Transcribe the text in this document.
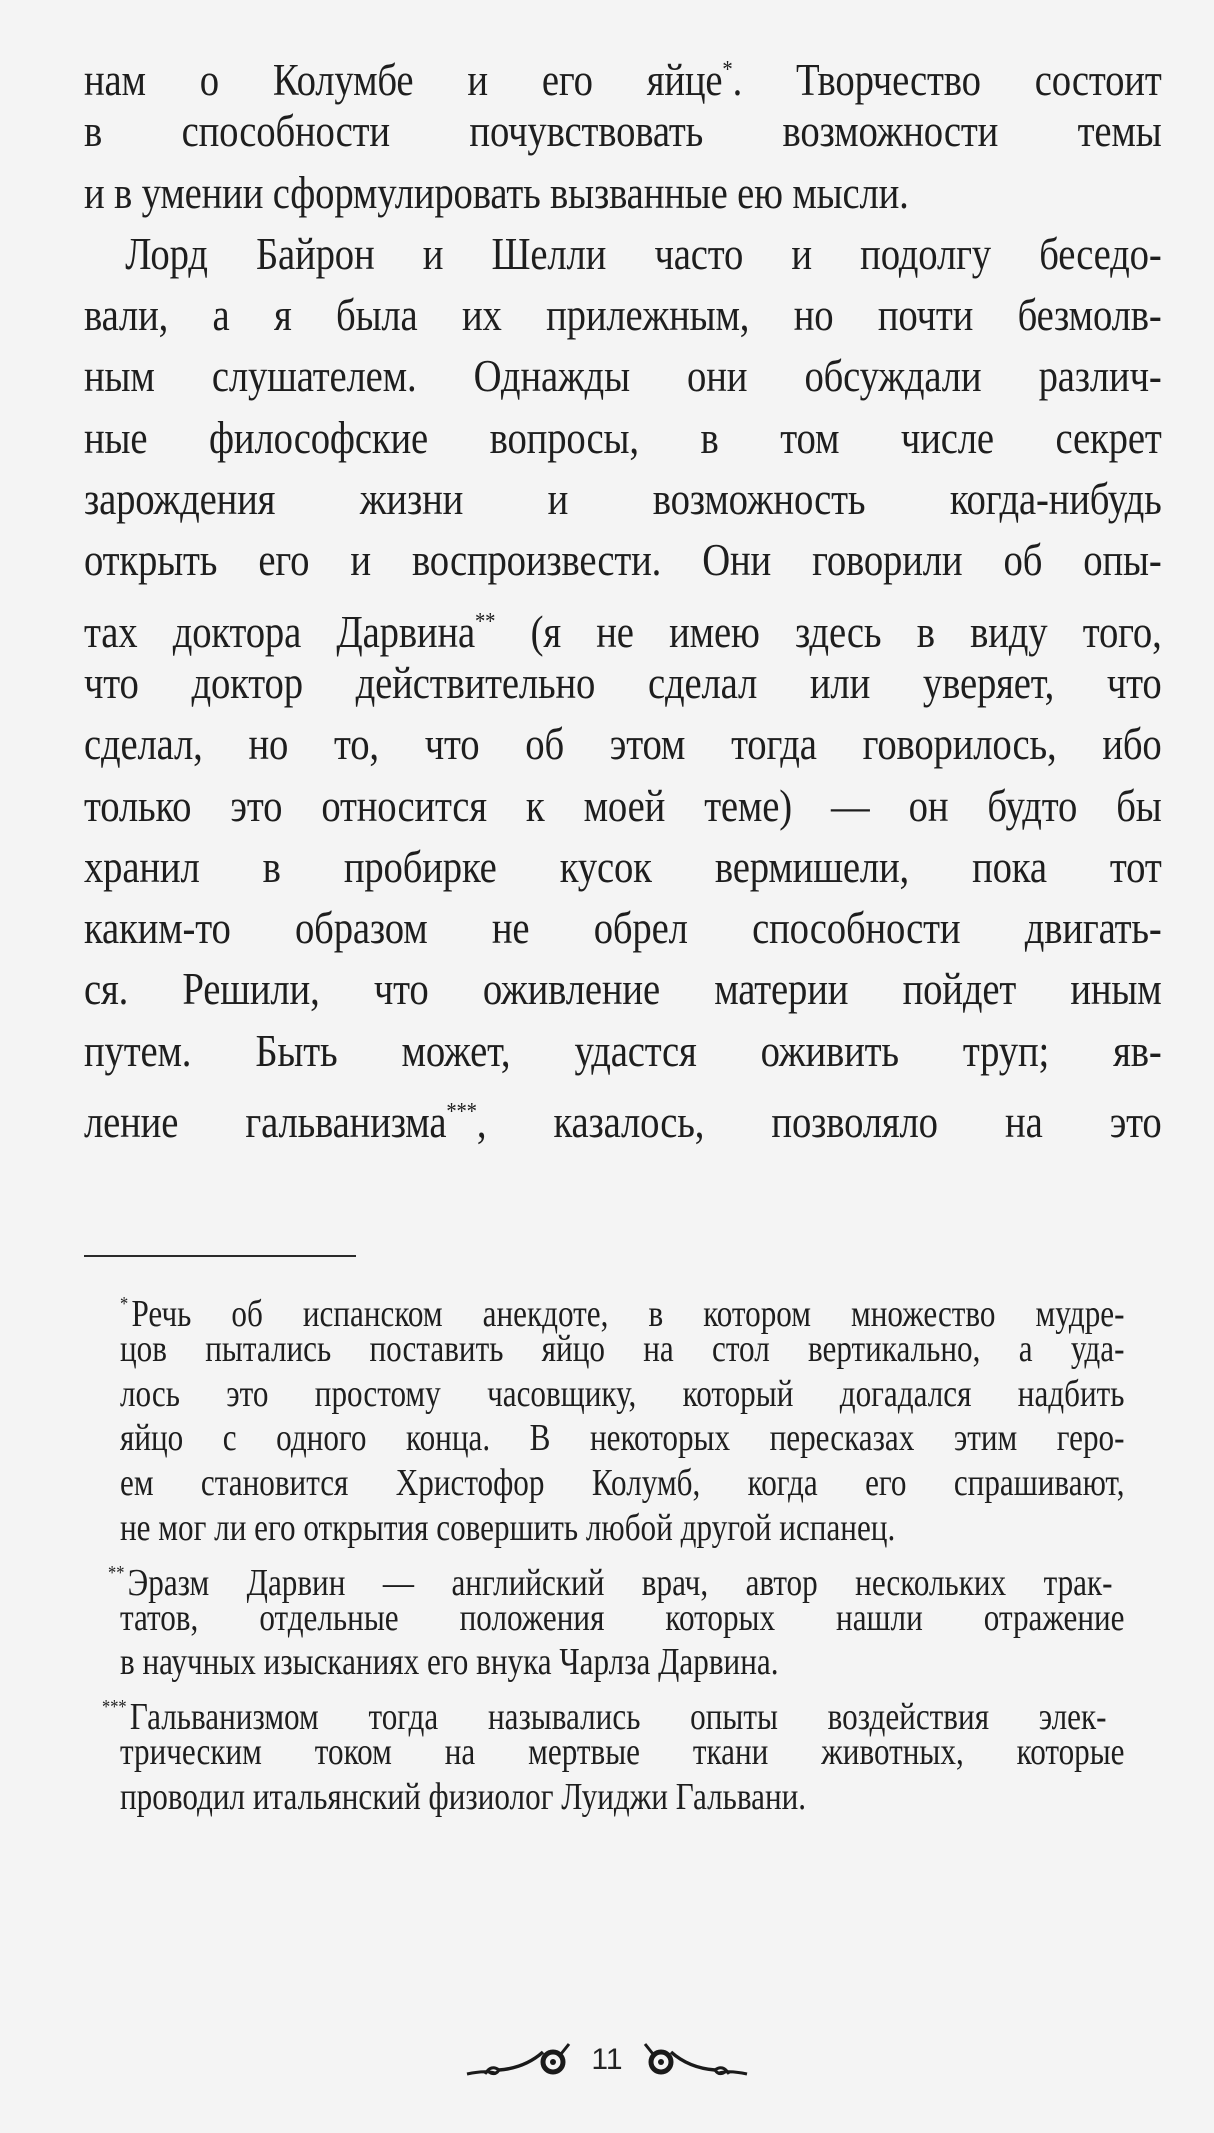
нам о Колумбе и его яйце*. Творчество состоит
в способности почувствовать возможности темы
и в умении сформулировать вызванные ею мысли.
Лорд Байрон и Шелли часто и подолгу беседо-
вали, а я была их прилежным, но почти безмолв-
ным слушателем. Однажды они обсуждали различ-
ные философские вопросы, в том числе секрет
зарождения жизни и возможность когда-нибудь
открыть его и воспроизвести. Они говорили об опы-
тах доктора Дарвина** (я не имею здесь в виду того,
что доктор действительно сделал или уверяет, что
сделал, но то, что об этом тогда говорилось, ибо
только это относится к моей теме) — он будто бы
хранил в пробирке кусок вермишели, пока тот
каким-то образом не обрел способности двигать-
ся. Решили, что оживление материи пойдет иным
путем. Быть может, удастся оживить труп; яв-
ление гальванизма***, казалось, позволяло на это
*Речь об испанском анекдоте, в котором множество мудре-
цов пытались поставить яйцо на стол вертикально, а уда-
лось это простому часовщику, который догадался надбить
яйцо с одного конца. В некоторых пересказах этим геро-
ем становится Христофор Колумб, когда его спрашивают,
не мог ли его открытия совершить любой другой испанец.
**Эразм Дарвин — английский врач, автор нескольких трак-
татов, отдельные положения которых нашли отражение
в научных изысканиях его внука Чарлза Дарвина.
***Гальванизмом тогда назывались опыты воздействия элек-
трическим током на мертвые ткани животных, которые
проводил итальянский физиолог Луиджи Гальвани.
11
